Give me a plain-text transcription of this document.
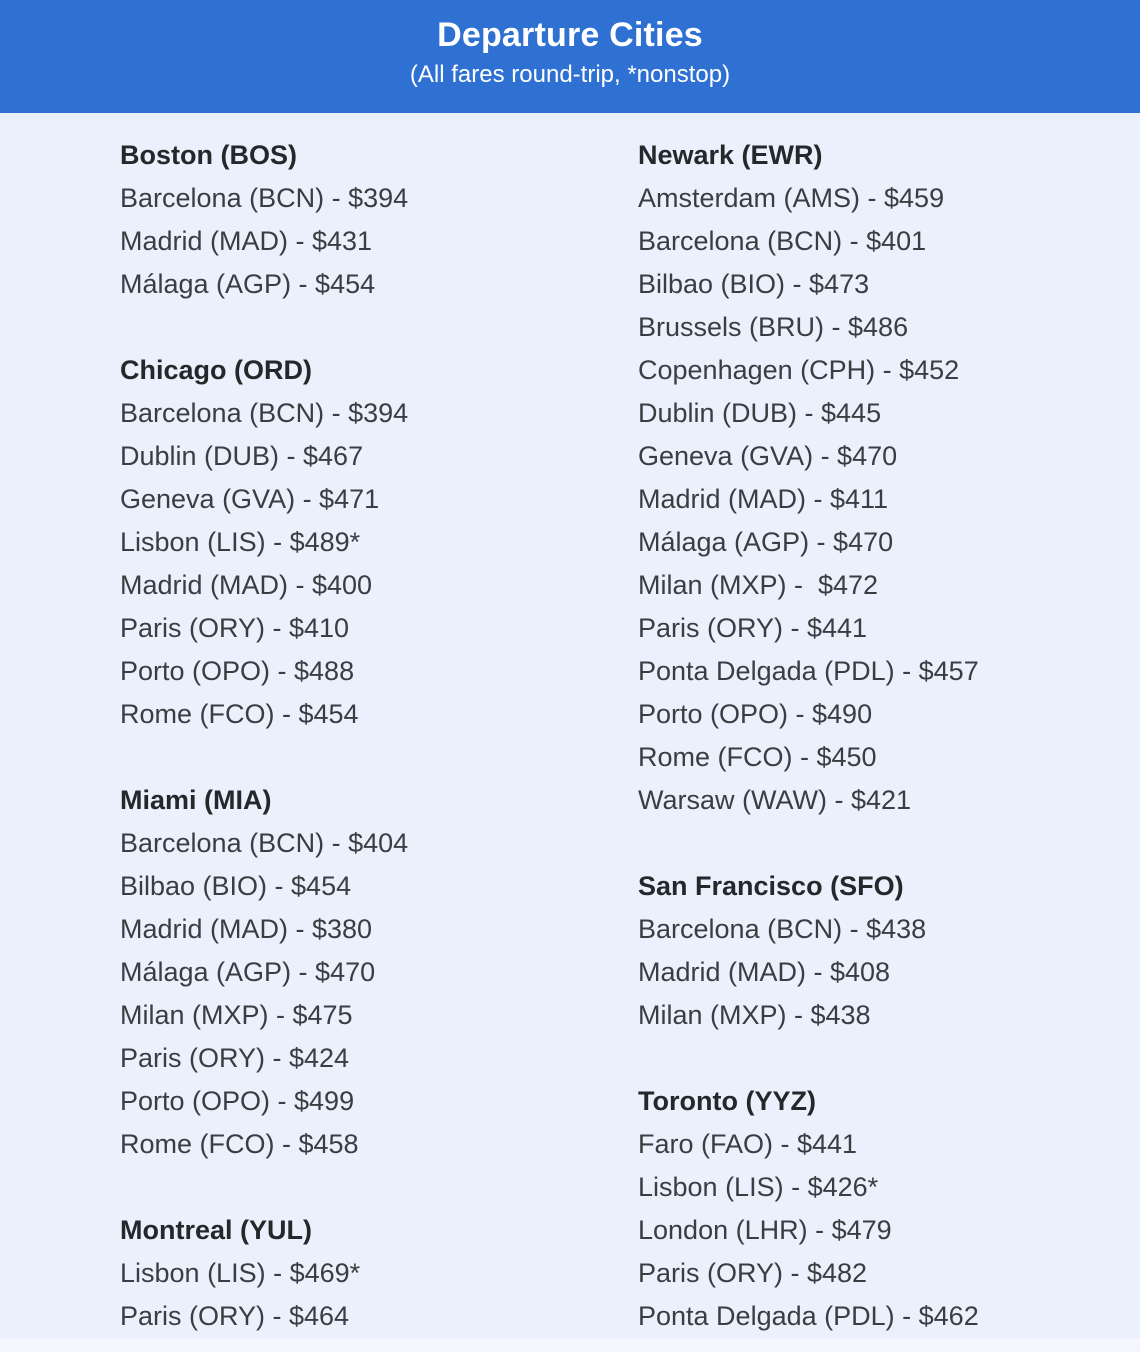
Departure Cities

(All fares round-trip, *nonstop)

Boston (BOS)

Barcelona (BCN) - $394

Madrid (MAD) - $431

Málaga (AGP) - $454

Chicago (ORD)

Barcelona (BCN) - $394

Dublin (DUB) - $467

Geneva (GVA) - $471

Lisbon (LIS) - $489*

Madrid (MAD) - $400

Paris (ORY) - $410

Porto (OPO) - $488

Rome (FCO) - $454

Miami (MIA)

Barcelona (BCN) - $404

Bilbao (BIO) - $454

Madrid (MAD) - $380

Málaga (AGP) - $470

Milan (MXP) - $475

Paris (ORY) - $424

Porto (OPO) - $499

Rome (FCO) - $458

Montreal (YUL)

Lisbon (LIS) - $469*

Paris (ORY) - $464

Newark (EWR)

Amsterdam (AMS) - $459

Barcelona (BCN) - $401

Bilbao (BIO) - $473

Brussels (BRU) - $486

Copenhagen (CPH) - $452

Dublin (DUB) - $445

Geneva (GVA) - $470

Madrid (MAD) - $411

Málaga (AGP) - $470

Milan (MXP) -  $472

Paris (ORY) - $441

Ponta Delgada (PDL) - $457

Porto (OPO) - $490

Rome (FCO) - $450

Warsaw (WAW) - $421

San Francisco (SFO)

Barcelona (BCN) - $438

Madrid (MAD) - $408

Milan (MXP) - $438

Toronto (YYZ)

Faro (FAO) - $441

Lisbon (LIS) - $426*

London (LHR) - $479

Paris (ORY) - $482

Ponta Delgada (PDL) - $462
